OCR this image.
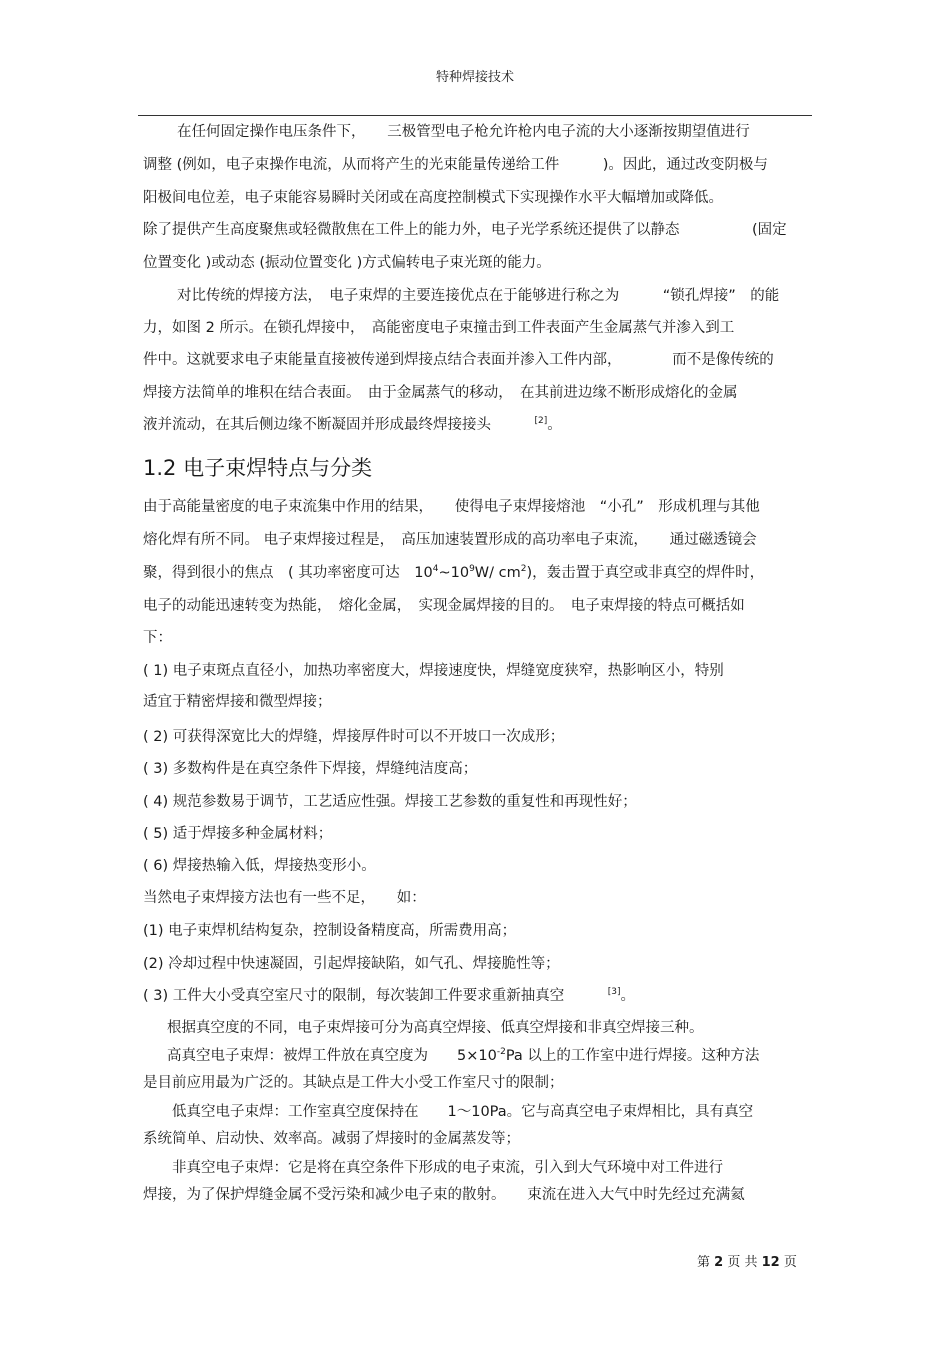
特种焊接技术
在任何固定操作电压条件下，　　三极管型电子枪允许枪内电子流的大小逐渐按期望值进行
调整 (例如，电子束操作电流，从而将产生的光束能量传递给工件　　　)。因此，通过改变阴极与
阳极间电位差，电子束能容易瞬时关闭或在高度控制模式下实现操作水平大幅增加或降低。
除了提供产生高度聚焦或轻微散焦在工件上的能力外，电子光学系统还提供了以静态　　　　　(固定
位置变化 )或动态 (振动位置变化 )方式偏转电子束光斑的能力。
对比传统的焊接方法，　电子束焊的主要连接优点在于能够进行称之为　　　“锁孔焊接”　的能
力，如图 2 所示。在锁孔焊接中，　高能密度电子束撞击到工件表面产生金属蒸气并渗入到工
件中。这就要求电子束能量直接被传递到焊接点结合表面并渗入工件内部，　　　　而不是像传统的
焊接方法简单的堆积在结合表面。　由于金属蒸气的移动，　在其前进边缘不断形成熔化的金属
液并流动，在其后侧边缘不断凝固并形成最终焊接接头　　　	[2]。
1.2 电子束焊特点与分类
由于高能量密度的电子束流集中作用的结果，　　使得电子束焊接熔池　“小孔”　形成机理与其他
熔化焊有所不同。 电子束焊接过程是，　高压加速装置形成的高功率电子束流，　　通过磁透镜会
聚，得到很小的焦点　( 其功率密度可达　$10^4\sim 10^9W/$ $cm^2$)，轰击置于真空或非真空的焊件时，
电子的动能迅速转变为热能，　熔化金属，　实现金属焊接的目的。　电子束焊接的特点可概括如
下：
( 1) 电子束斑点直径小，加热功率密度大，焊接速度快，焊缝宽度狭窄，热影响区小，特别
适宜于精密焊接和微型焊接；
( 2) 可获得深宽比大的焊缝，焊接厚件时可以不开坡口一次成形；
( 3) 多数构件是在真空条件下焊接，焊缝纯洁度高；
( 4) 规范参数易于调节，工艺适应性强。焊接工艺参数的重复性和再现性好；
( 5) 适于焊接多种金属材料；
( 6) 焊接热输入低，焊接热变形小。
当然电子束焊接方法也有一些不足，　　如：
(1) 电子束焊机结构复杂，控制设备精度高，所需费用高；
(2) 冷却过程中快速凝固，引起焊接缺陷，如气孔、焊接脆性等；
( 3) 工件大小受真空室尺寸的限制，每次装卸工件要求重新抽真空　　　	[3]。
根据真空度的不同，电子束焊接可分为高真空焊接、低真空焊接和非真空焊接三种。
高真空电子束焊：被焊工件放在真空度为　　$5\times 10^{-2}Pa$ 以上的工作室中进行焊接。这种方法
是目前应用最为广泛的。其缺点是工件大小受工作室尺寸的限制；
低真空电子束焊：工作室真空度保持在　　1～10Pa。它与高真空电子束焊相比，具有真空
系统简单、启动快、效率高。减弱了焊接时的金属蒸发等；
非真空电子束焊：它是将在真空条件下形成的电子束流，引入到大气环境中对工件进行
焊接，为了保护焊缝金属不受污染和减少电子束的散射。　　束流在进入大气中时先经过充满氦
第 2 页 共 12 页
